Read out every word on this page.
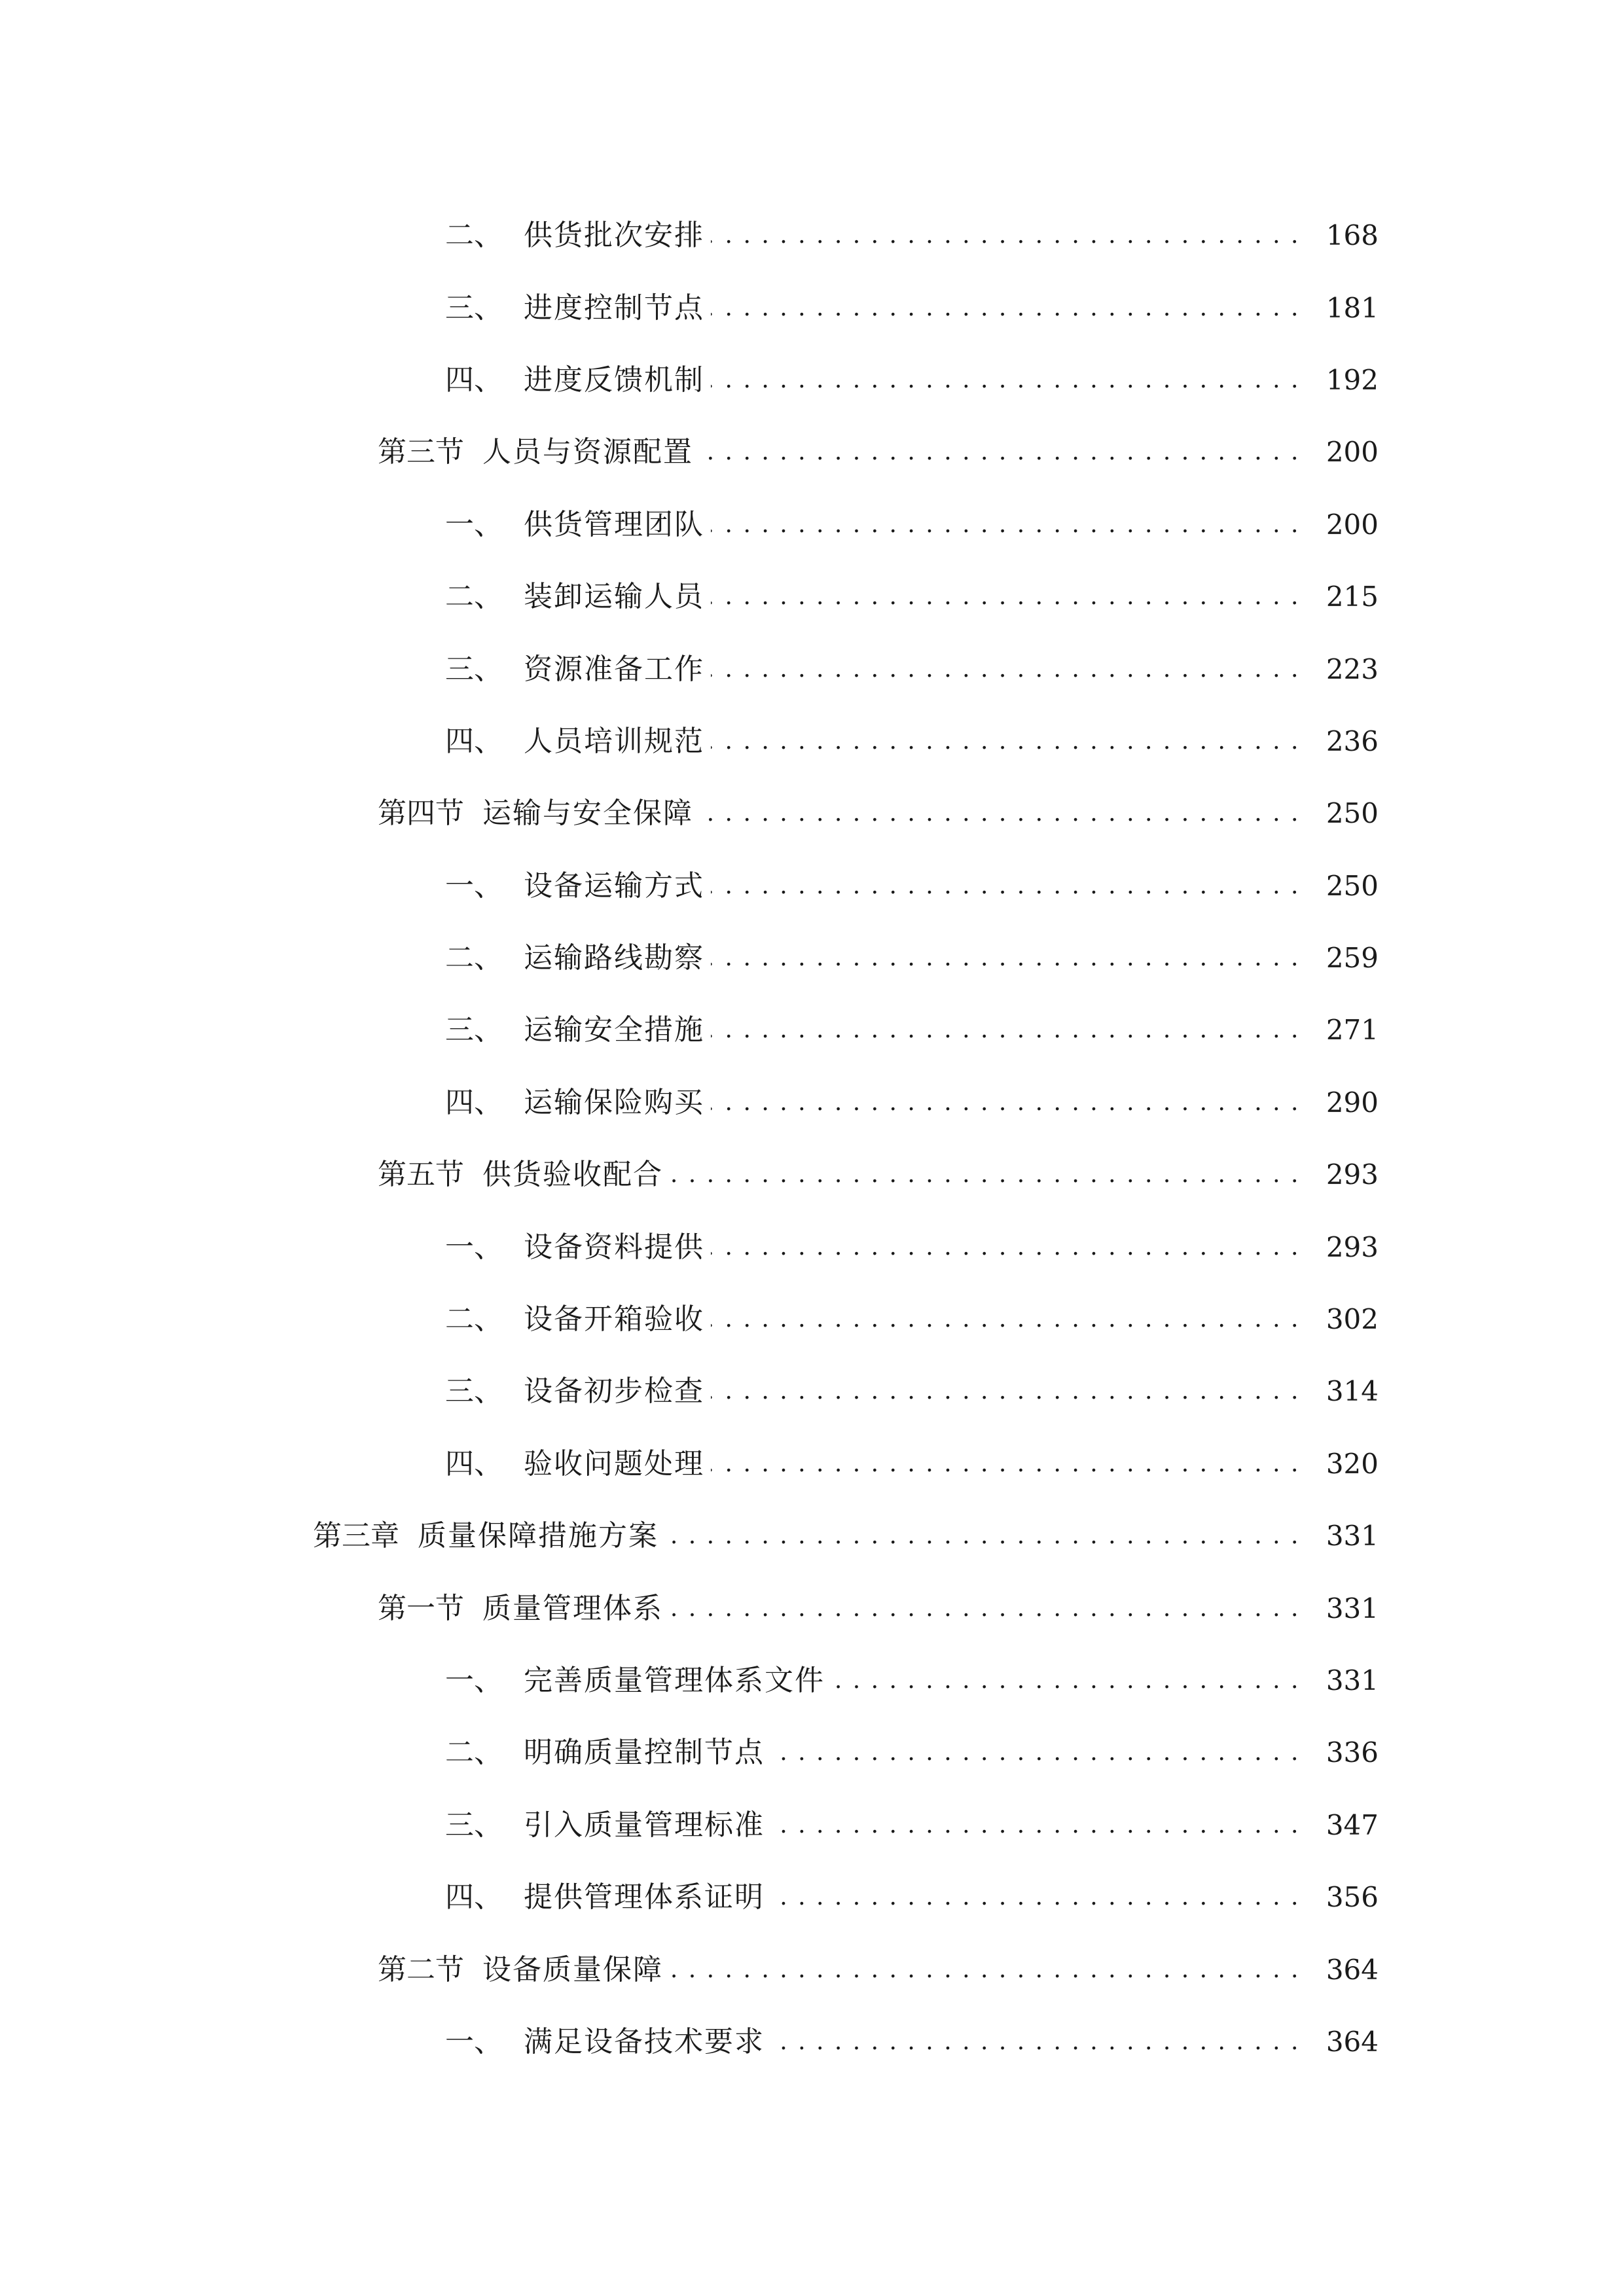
二、 供货批次安排 . . .	168
三、 进度控制节点 . . .	181
四、 进度反馈机制 . . .	192
第三节 人员与资源配置 . . .	200
一、 供货管理团队 . . .	200
二、 装卸运输人员 . . .	215
三、 资源准备工作 . . .	223
四、 人员培训规范 . . .	236
第四节 运输与安全保障 . . .	250
一、 设备运输方式 . . .	250
二、 运输路线勘察 . . .	259
三、 运输安全措施 . . .	271
四、 运输保险购买 . . .	290
第五节 供货验收配合 . . .	293
一、 设备资料提供 . . .	293
二、 设备开箱验收 . . .	302
三、 设备初步检查 . . .	314
四、 验收问题处理 . . .	320
第三章 质量保障措施方案 . . .	331
第一节 质量管理体系 . . .	331
一、 完善质量管理体系文件 . . .	331
二、 明确质量控制节点 . . .	336
三、 引入质量管理标准 . . .	347
四、 提供管理体系证明 . . .	356
第二节 设备质量保障 . . .	364
一、 满足设备技术要求 . . .	364
